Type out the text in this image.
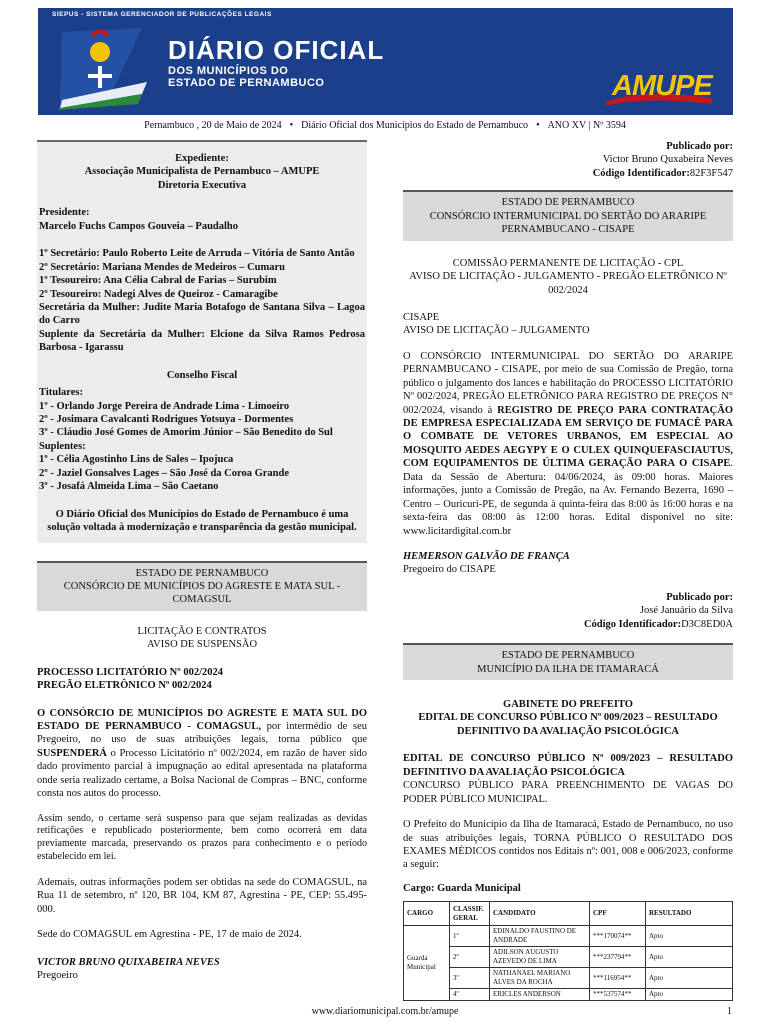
SIEPUS - SISTEMA GERENCIADOR DE PUBLICAÇÕES LEGAIS
DIÁRIO OFICIAL
DOS MUNICÍPIOS DO
ESTADO DE PERNAMBUCO	AMUPE
Pernambuco , 20 de Maio de 2024 • Diário Oficial dos Municípios do Estado de Pernambuco • ANO XV | Nº 3594
Expediente:
Associação Municipalista de Pernambuco – AMUPE
Diretoria Executiva
Presidente:
Marcelo Fuchs Campos Gouveia – Paudalho
1º Secretário: Paulo Roberto Leite de Arruda – Vitória de Santo Antão
2º Secretário: Mariana Mendes de Medeiros – Cumaru
1º Tesoureiro: Ana Célia Cabral de Farias – Surubim
2º Tesoureiro: Nadegi Alves de Queiroz - Camaragibe
Secretária da Mulher: Judite Maria Botafogo de Santana Silva – Lagoa do Carro
Suplente da Secretária da Mulher: Elcione da Silva Ramos Pedrosa Barbosa - Igarassu
Conselho Fiscal
Titulares:
1º - Orlando Jorge Pereira de Andrade Lima - Limoeiro
2º - Josimara Cavalcanti Rodrigues Yotsuya - Dormentes
3º - Cláudio José Gomes de Amorim Júnior – São Benedito do Sul
Suplentes:
1º - Célia Agostinho Lins de Sales – Ipojuca
2º - Jaziel Gonsalves Lages – São José da Coroa Grande
3º - Josafá Almeida Lima – São Caetano
O Diário Oficial dos Municípios do Estado de Pernambuco é uma solução voltada à modernização e transparência da gestão municipal.
ESTADO DE PERNAMBUCO
CONSÓRCIO DE MUNICÍPIOS DO AGRESTE E MATA SUL - COMAGSUL
LICITAÇÃO E CONTRATOS
AVISO DE SUSPENSÃO
PROCESSO LICITATÓRIO Nº 002/2024
PREGÃO ELETRÔNICO Nº 002/2024
O CONSÓRCIO DE MUNICÍPIOS DO AGRESTE E MATA SUL DO ESTADO DE PERNAMBUCO - COMAGSUL, por intermédio de seu Pregoeiro, no uso de suas atribuições legais, torna público que SUSPENDERÁ o Processo Licitatório nº 002/2024, em razão de haver sido dado provimento parcial à impugnação ao edital apresentada na plataforma onde seria realizado certame, a Bolsa Nacional de Compras – BNC, conforme consta nos autos do processo.
Assim sendo, o certame será suspenso para que sejam realizadas as devidas retificações e republicado posteriormente, bem como ocorrerá em data previamente marcada, preservando os prazos para conhecimento e o período estabelecido em lei.
Ademais, outras informações podem ser obtidas na sede do COMAGSUL, na Rua 11 de setembro, nº 120, BR 104, KM 87, Agrestina - PE, CEP: 55.495-000.
Sede do COMAGSUL em Agrestina - PE, 17 de maio de 2024.
VICTOR BRUNO QUIXABEIRA NEVES
Pregoeiro
Publicado por:
Victor Bruno Quxabeira Neves
Código Identificador:82F3F547
ESTADO DE PERNAMBUCO
CONSÓRCIO INTERMUNICIPAL DO SERTÃO DO ARARIPE PERNAMBUCANO - CISAPE
COMISSÃO PERMANENTE DE LICITAÇÃO - CPL
AVISO DE LICITAÇÃO - JULGAMENTO - PREGÃO ELETRÔNICO Nº 002/2024
CISAPE
AVISO DE LICITAÇÃO – JULGAMENTO
O CONSÓRCIO INTERMUNICIPAL DO SERTÃO DO ARARIPE PERNAMBUCANO - CISAPE, por meio de sua Comissão de Pregão, torna público o julgamento dos lances e habilitação do PROCESSO LICITATÓRIO Nº 002/2024, PREGÃO ELETRÔNICO PARA REGISTRO DE PREÇOS N° 002/2024, visando à REGISTRO DE PREÇO PARA CONTRATAÇÃO DE EMPRESA ESPECIALIZADA EM SERVIÇO DE FUMACÊ PARA O COMBATE DE VETORES URBANOS, EM ESPECIAL AO MOSQUITO AEDES AEGYPY E O CULEX QUINQUEFASCIAUTUS, COM EQUIPAMENTOS DE ÚLTIMA GERAÇÃO PARA O CISAPE. Data da Sessão de Abertura: 04/06/2024, às 09:00 horas. Maiores informações, junto a Comissão de Pregão, na Av. Fernando Bezerra, 1690 – Centro – Ouricuri-PE, de segunda à quinta-feira das 8:00 às 16:00 horas e na sexta-feira das 08:00 às 12:00 horas. Edital disponível no site: www.licitardigital.com.br
HEMERSON GALVÃO DE FRANÇA
Pregoeiro do CISAPE
Publicado por:
José Januário da Silva
Código Identificador:D3C8ED0A
ESTADO DE PERNAMBUCO
MUNICÍPIO DA ILHA DE ITAMARACÁ
GABINETE DO PREFEITO
EDITAL DE CONCURSO PÚBLICO Nº 009/2023 – RESULTADO DEFINITIVO DA AVALIAÇÃO PSICOLÓGICA
EDITAL DE CONCURSO PÚBLICO Nº 009/2023 – RESULTADO DEFINITIVO DA AVALIAÇÃO PSICOLÓGICA
CONCURSO PÚBLICO PARA PREENCHIMENTO DE VAGAS DO PODER PÚBLICO MUNICIPAL.
O Prefeito do Município da Ilha de Itamaracá, Estado de Pernambuco, no uso de suas atribuições legais, TORNA PÚBLICO O RESULTADO DOS EXAMES MÉDICOS contidos nos Editais nº: 001, 008 e 006/2023, conforme a seguir:
Cargo: Guarda Municipal
CARGO	CLASSIF. GERAL	CANDIDATO	CPF	RESULTADO
Guarda Municipal	1º	EDINALDO FAUSTINO DE ANDRADE	***170074**	Apto
	2º	ADILSON AUGUSTO AZEVEDO DE LIMA	***237794**	Apto
	3º	NATHANAEL MARIANO ALVES DA ROCHA	***116954**	Apto
	4º	ERICLES ANDERSON	***537574**	Apto
www.diariomunicipal.com.br/amupe	1
